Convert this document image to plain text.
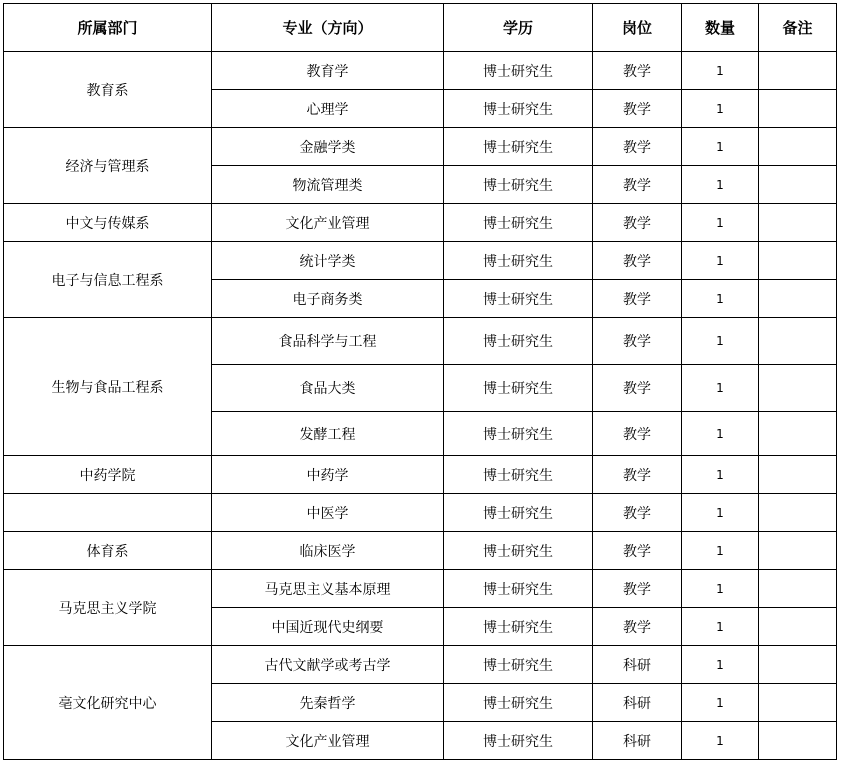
所属部门	专业（方向）	学历	岗位	数量	备注
教育系	教育学	博士研究生	教学	1	
	心理学	博士研究生	教学	1	
经济与管理系	金融学类	博士研究生	教学	1	
	物流管理类	博士研究生	教学	1	
中文与传媒系	文化产业管理	博士研究生	教学	1	
电子与信息工程系	统计学类	博士研究生	教学	1	
	电子商务类	博士研究生	教学	1	
生物与食品工程系	食品科学与工程	博士研究生	教学	1	
	食品大类	博士研究生	教学	1	
	发酵工程	博士研究生	教学	1	
中药学院	中药学	博士研究生	教学	1	
	中医学	博士研究生	教学	1	
体育系	临床医学	博士研究生	教学	1	
马克思主义学院	马克思主义基本原理	博士研究生	教学	1	
	中国近现代史纲要	博士研究生	教学	1	
亳文化研究中心	古代文献学或考古学	博士研究生	科研	1	
	先秦哲学	博士研究生	科研	1	
	文化产业管理	博士研究生	科研	1	
